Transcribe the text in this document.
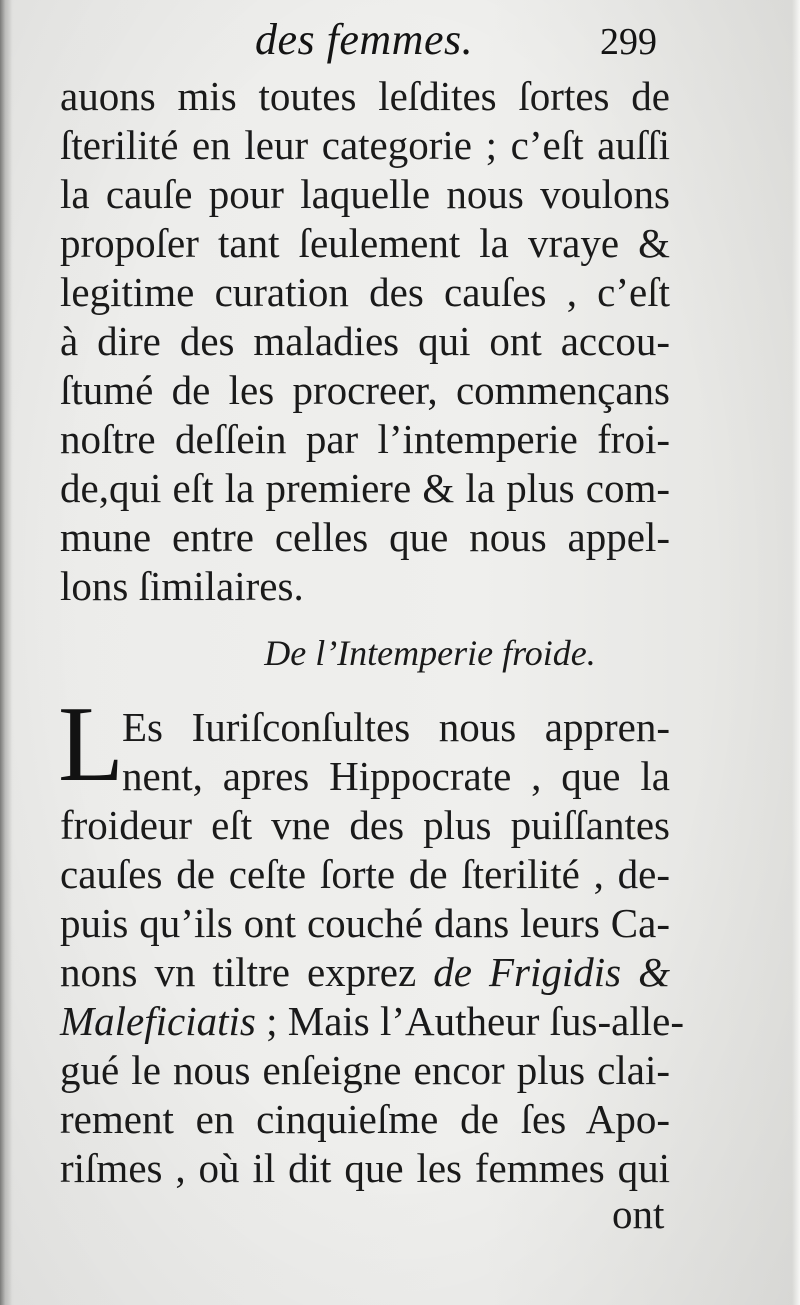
des femmes.	299
auons mis toutes leſdites ſortes de
ſterilité en leur categorie ; c’eſt auſſi
la cauſe pour laquelle nous voulons
propoſer tant ſeulement la vraye &
legitime curation des cauſes , c’eſt
à dire des maladies qui ont accou-
ſtumé de les procreer, commençans
noſtre deſſein par l’intemperie froi-
de,qui eſt la premiere & la plus com-
mune entre celles que nous appel-
lons ſimilaires.
De l’Intemperie froide.
L
Es Iuriſconſultes nous appren-
nent, apres Hippocrate , que la
froideur eſt vne des plus puiſſantes
cauſes de ceſte ſorte de ſterilité , de-
puis qu’ils ont couché dans leurs Ca-
nons vn tiltre exprez de Frigidis &
Maleficiatis ; Mais l’Autheur ſus-alle-
gué le nous enſeigne encor plus clai-
rement en cinquieſme de ſes Apo-
riſmes , où il dit que les femmes qui
ont
